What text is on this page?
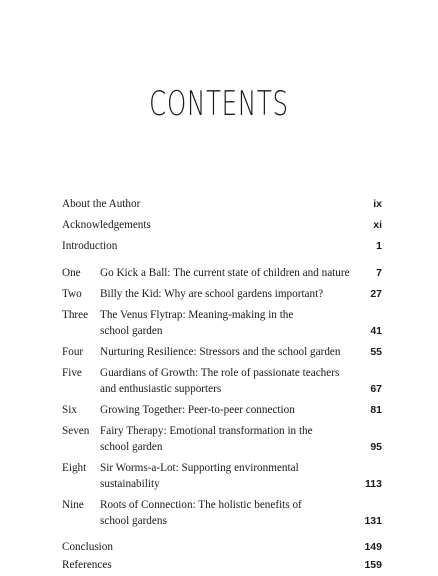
CONTENTS
About the Author	ix
Acknowledgements	xi
Introduction	1
One Go Kick a Ball: The current state of children and nature	7
Two Billy the Kid: Why are school gardens important?	27
Three The Venus Flytrap: Meaning-making in the school garden	41
Four Nurturing Resilience: Stressors and the school garden	55
Five Guardians of Growth: The role of passionate teachers and enthusiastic supporters	67
Six Growing Together: Peer-to-peer connection	81
Seven Fairy Therapy: Emotional transformation in the school garden	95
Eight Sir Worms-a-Lot: Supporting environmental sustainability	113
Nine Roots of Connection: The holistic benefits of school gardens	131
Conclusion	149
References	159
